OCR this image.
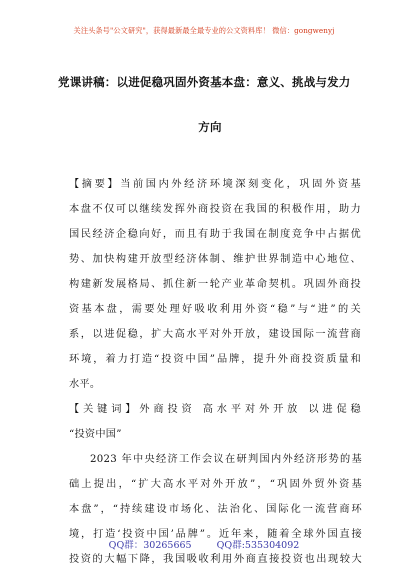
关注头条号"公文研究"，获得最新最全最专业的公文资料库！ 微信：gongwenyj
党课讲稿：以进促稳巩固外资基本盘：意义、挑战与发力
方向
【摘要】当前国内外经济环境深刻变化，巩固外资基
本盘不仅可以继续发挥外商投资在我国的积极作用，助力
国民经济企稳向好，而且有助于我国在制度竞争中占据优
势、加快构建开放型经济体制、维护世界制造中心地位、
构建新发展格局、抓住新一轮产业革命契机。巩固外商投
资基本盘，需要处理好吸收利用外资“稳”与“进”的关
系，以进促稳，扩大高水平对外开放，建设国际一流营商
环境，着力打造“投资中国”品牌，提升外商投资质量和
水平。
【关键词】外商投资 高水平对外开放 以进促稳
“投资中国”
2023 年中央经济工作会议在研判国内外经济形势的基
础上提出，“扩大高水平对外开放”，“巩固外贸外资基
本盘”，“持续建设市场化、法治化、国际化一流营商环
境，打造‘投资中国’品牌”。近年来，随着全球外国直接
投资的大幅下降，我国吸收利用外商直接投资也出现较大
QQ群：30265665	QQ群:535304092
